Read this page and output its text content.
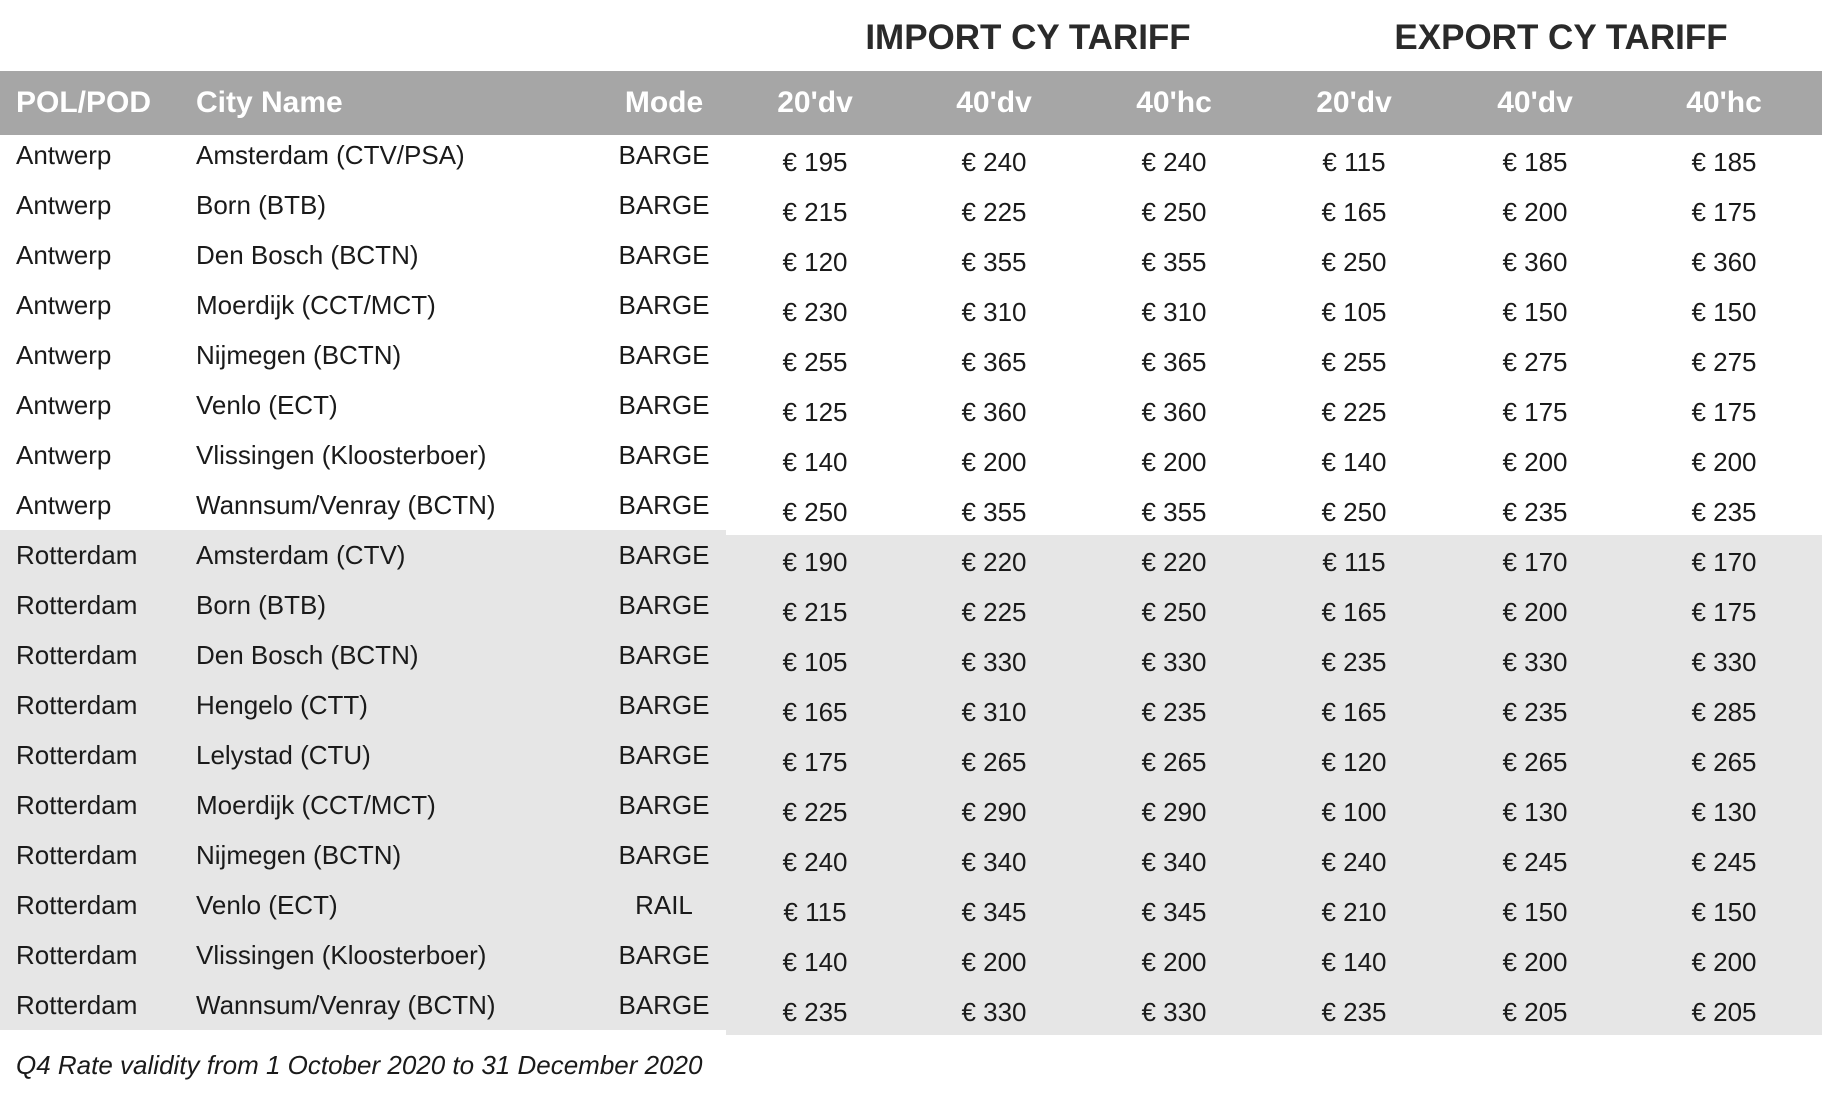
IMPORT CY TARIFF	EXPORT CY TARIFF
POL/POD	City Name	Mode	20'dv	40'dv	40'hc	20'dv	40'dv	40'hc
Antwerp	Amsterdam (CTV/PSA)	BARGE	€ 195	€ 240	€ 240	€ 115	€ 185	€ 185
Antwerp	Born (BTB)	BARGE	€ 215	€ 225	€ 250	€ 165	€ 200	€ 175
Antwerp	Den Bosch (BCTN)	BARGE	€ 120	€ 355	€ 355	€ 250	€ 360	€ 360
Antwerp	Moerdijk (CCT/MCT)	BARGE	€ 230	€ 310	€ 310	€ 105	€ 150	€ 150
Antwerp	Nijmegen (BCTN)	BARGE	€ 255	€ 365	€ 365	€ 255	€ 275	€ 275
Antwerp	Venlo (ECT)	BARGE	€ 125	€ 360	€ 360	€ 225	€ 175	€ 175
Antwerp	Vlissingen (Kloosterboer)	BARGE	€ 140	€ 200	€ 200	€ 140	€ 200	€ 200
Antwerp	Wannsum/Venray (BCTN)	BARGE	€ 250	€ 355	€ 355	€ 250	€ 235	€ 235
Rotterdam	Amsterdam (CTV)	BARGE	€ 190	€ 220	€ 220	€ 115	€ 170	€ 170
Rotterdam	Born (BTB)	BARGE	€ 215	€ 225	€ 250	€ 165	€ 200	€ 175
Rotterdam	Den Bosch (BCTN)	BARGE	€ 105	€ 330	€ 330	€ 235	€ 330	€ 330
Rotterdam	Hengelo (CTT)	BARGE	€ 165	€ 310	€ 235	€ 165	€ 235	€ 285
Rotterdam	Lelystad (CTU)	BARGE	€ 175	€ 265	€ 265	€ 120	€ 265	€ 265
Rotterdam	Moerdijk (CCT/MCT)	BARGE	€ 225	€ 290	€ 290	€ 100	€ 130	€ 130
Rotterdam	Nijmegen (BCTN)	BARGE	€ 240	€ 340	€ 340	€ 240	€ 245	€ 245
Rotterdam	Venlo (ECT)	RAIL	€ 115	€ 345	€ 345	€ 210	€ 150	€ 150
Rotterdam	Vlissingen (Kloosterboer)	BARGE	€ 140	€ 200	€ 200	€ 140	€ 200	€ 200
Rotterdam	Wannsum/Venray (BCTN)	BARGE	€ 235	€ 330	€ 330	€ 235	€ 205	€ 205
Q4 Rate validity from 1 October 2020 to 31 December 2020
